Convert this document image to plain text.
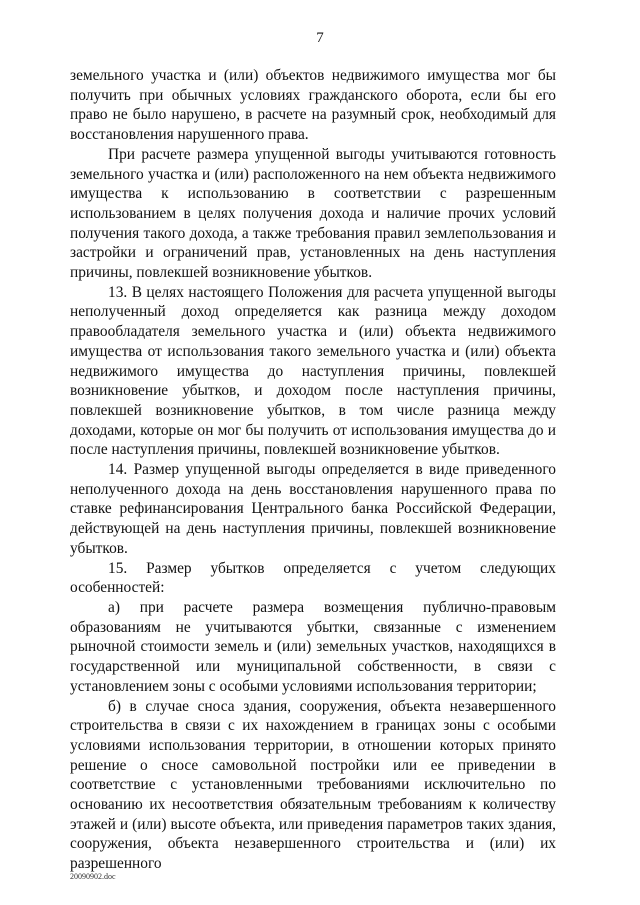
7

земельного участка и (или) объектов недвижимого имущества мог бы получить при обычных условиях гражданского оборота, если бы его право не было нарушено, в расчете на разумный срок, необходимый для восстановления нарушенного права.

При расчете размера упущенной выгоды учитываются готовность земельного участка и (или) расположенного на нем объекта недвижимого имущества к использованию в соответствии с разрешенным использованием в целях получения дохода и наличие прочих условий получения такого дохода, а также требования правил землепользования и застройки и ограничений прав, установленных на день наступления причины, повлекшей возникновение убытков.

13. В целях настоящего Положения для расчета упущенной выгоды неполученный доход определяется как разница между доходом правообладателя земельного участка и (или) объекта недвижимого имущества от использования такого земельного участка и (или) объекта недвижимого имущества до наступления причины, повлекшей возникновение убытков, и доходом после наступления причины, повлекшей возникновение убытков, в том числе разница между доходами, которые он мог бы получить от использования имущества до и после наступления причины, повлекшей возникновение убытков.

14. Размер упущенной выгоды определяется в виде приведенного неполученного дохода на день восстановления нарушенного права по ставке рефинансирования Центрального банка Российской Федерации, действующей на день наступления причины, повлекшей возникновение убытков.

15. Размер убытков определяется с учетом следующих особенностей:

а) при расчете размера возмещения публично-правовым образованиям не учитываются убытки, связанные с изменением рыночной стоимости земель и (или) земельных участков, находящихся в государственной или муниципальной собственности, в связи с установлением зоны с особыми условиями использования территории;

б) в случае сноса здания, сооружения, объекта незавершенного строительства в связи с их нахождением в границах зоны с особыми условиями использования территории, в отношении которых принято решение о сносе самовольной постройки или ее приведении в соответствие с установленными требованиями исключительно по основанию их несоответствия обязательным требованиям к количеству этажей и (или) высоте объекта, или приведения параметров таких здания, сооружения, объекта незавершенного строительства и (или) их разрешенного

20090902.doc
